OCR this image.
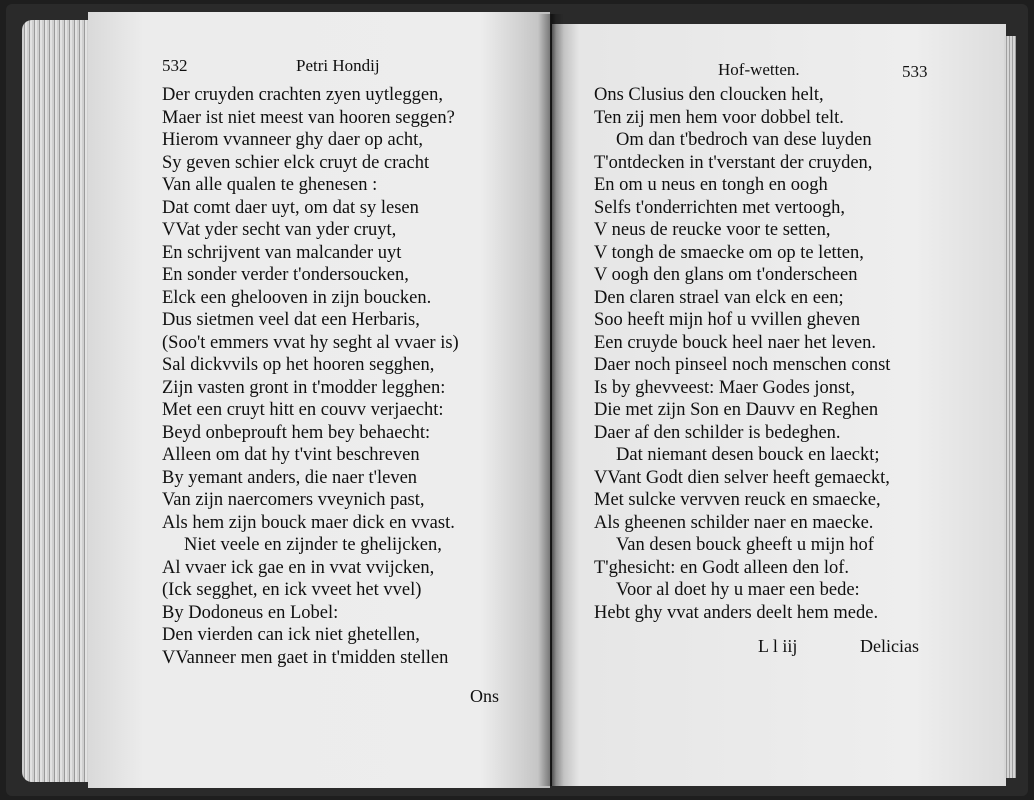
532	Petri Hondij
Der cruyden crachten zyen uytleggen,
Maer ist niet meest van hooren seggen?
Hierom vvanneer ghy daer op acht,
Sy geven schier elck cruyt de cracht
Van alle qualen te ghenesen :
Dat comt daer uyt, om dat sy lesen
VVat yder secht van yder cruyt,
En schrijvent van malcander uyt
En sonder verder t'ondersoucken,
Elck een ghelooven in zijn boucken.
Dus sietmen veel dat een Herbaris,
(Soo't emmers vvat hy seght al vvaer is)
Sal dickvvils op het hooren segghen,
Zijn vasten gront in t'modder legghen:
Met een cruyt hitt en couvv verjaecht:
Beyd onbeprouft hem bey behaecht:
Alleen om dat hy t'vint beschreven
By yemant anders, die naer t'leven
Van zijn naercomers vveynich past,
Als hem zijn bouck maer dick en vvast.
Niet veele en zijnder te ghelijcken,
Al vvaer ick gae en in vvat vvijcken,
(Ick segghet, en ick vveet het vvel)
By Dodoneus en Lobel:
Den vierden can ick niet ghetellen,
VVanneer men gaet in t'midden stellen
Ons
Hof-wetten.	533
Ons Clusius den cloucken helt,
Ten zij men hem voor dobbel telt.
Om dan t'bedroch van dese luyden
T'ontdecken in t'verstant der cruyden,
En om u neus en tongh en oogh
Selfs t'onderrichten met vertoogh,
V neus de reucke voor te setten,
V tongh de smaecke om op te letten,
V oogh den glans om t'onderscheen
Den claren strael van elck en een;
Soo heeft mijn hof u vvillen gheven
Een cruyde bouck heel naer het leven.
Daer noch pinseel noch menschen const
Is by ghevveest: Maer Godes jonst,
Die met zijn Son en Dauvv en Reghen
Daer af den schilder is bedeghen.
Dat niemant desen bouck en laeckt;
VVant Godt dien selver heeft gemaeckt,
Met sulcke vervven reuck en smaecke,
Als gheenen schilder naer en maecke.
Van desen bouck gheeft u mijn hof
T'ghesicht: en Godt alleen den lof.
Voor al doet hy u maer een bede:
Hebt ghy vvat anders deelt hem mede.
L l iij	Delicias
